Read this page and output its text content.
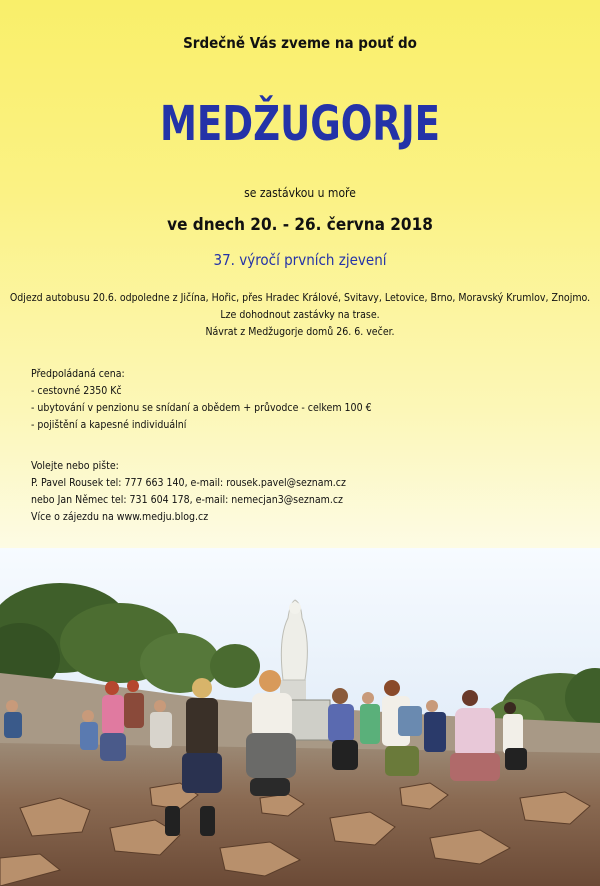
Srdečně Vás zveme na pouť do
MEDŽUGORJE
se zastávkou u moře
ve dnech 20. - 26. června 2018
37. výročí prvních zjevení
Odjezd autobusu 20.6. odpoledne z Jičína, Hořic, přes Hradec Králové, Svitavy, Letovice, Brno, Moravský Krumlov, Znojmo.
Lze dohodnout zastávky na trase.
Návrat z Medžugorje domů 26. 6. večer.
Předpoládaná cena:
- cestovné 2350 Kč
- ubytování v penzionu se snídaní a obědem + průvodce - celkem 100 €
- pojištění a kapesné individuální
Volejte nebo pište:
P. Pavel Rousek tel: 777 663 140, e-mail: rousek.pavel@seznam.cz
nebo Jan Němec tel: 731 604 178, e-mail: nemecjan3@seznam.cz
Více o zájezdu na www.medju.blog.cz
